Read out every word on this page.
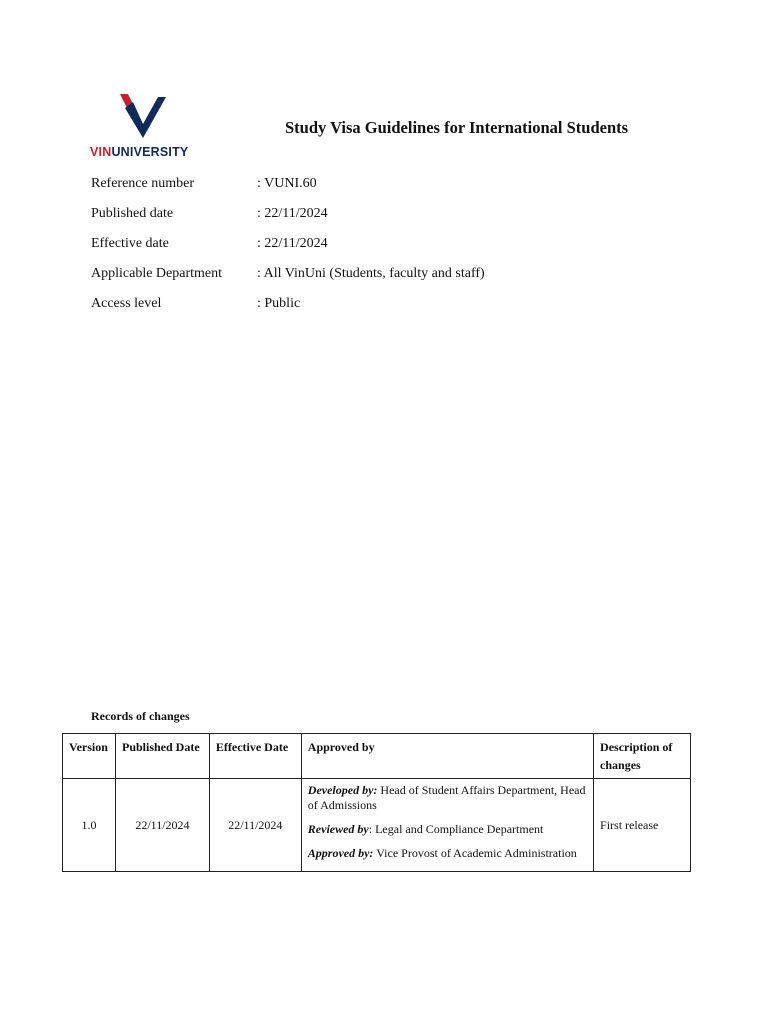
VINUNIVERSITY
Study Visa Guidelines for International Students
Reference number	: VUNI.60
Published date	: 22/11/2024
Effective date	: 22/11/2024
Applicable Department : All VinUni (Students, faculty and staff)
Access level	: Public
Records of changes
Version	Published Date	Effective Date	Approved by	Description of changes
1.0	22/11/2024	22/11/2024	Developed by: Head of Student Affairs Department, Head of Admissions

Reviewed by: Legal and Compliance Department

Approved by: Vice Provost of Academic Administration	First release
